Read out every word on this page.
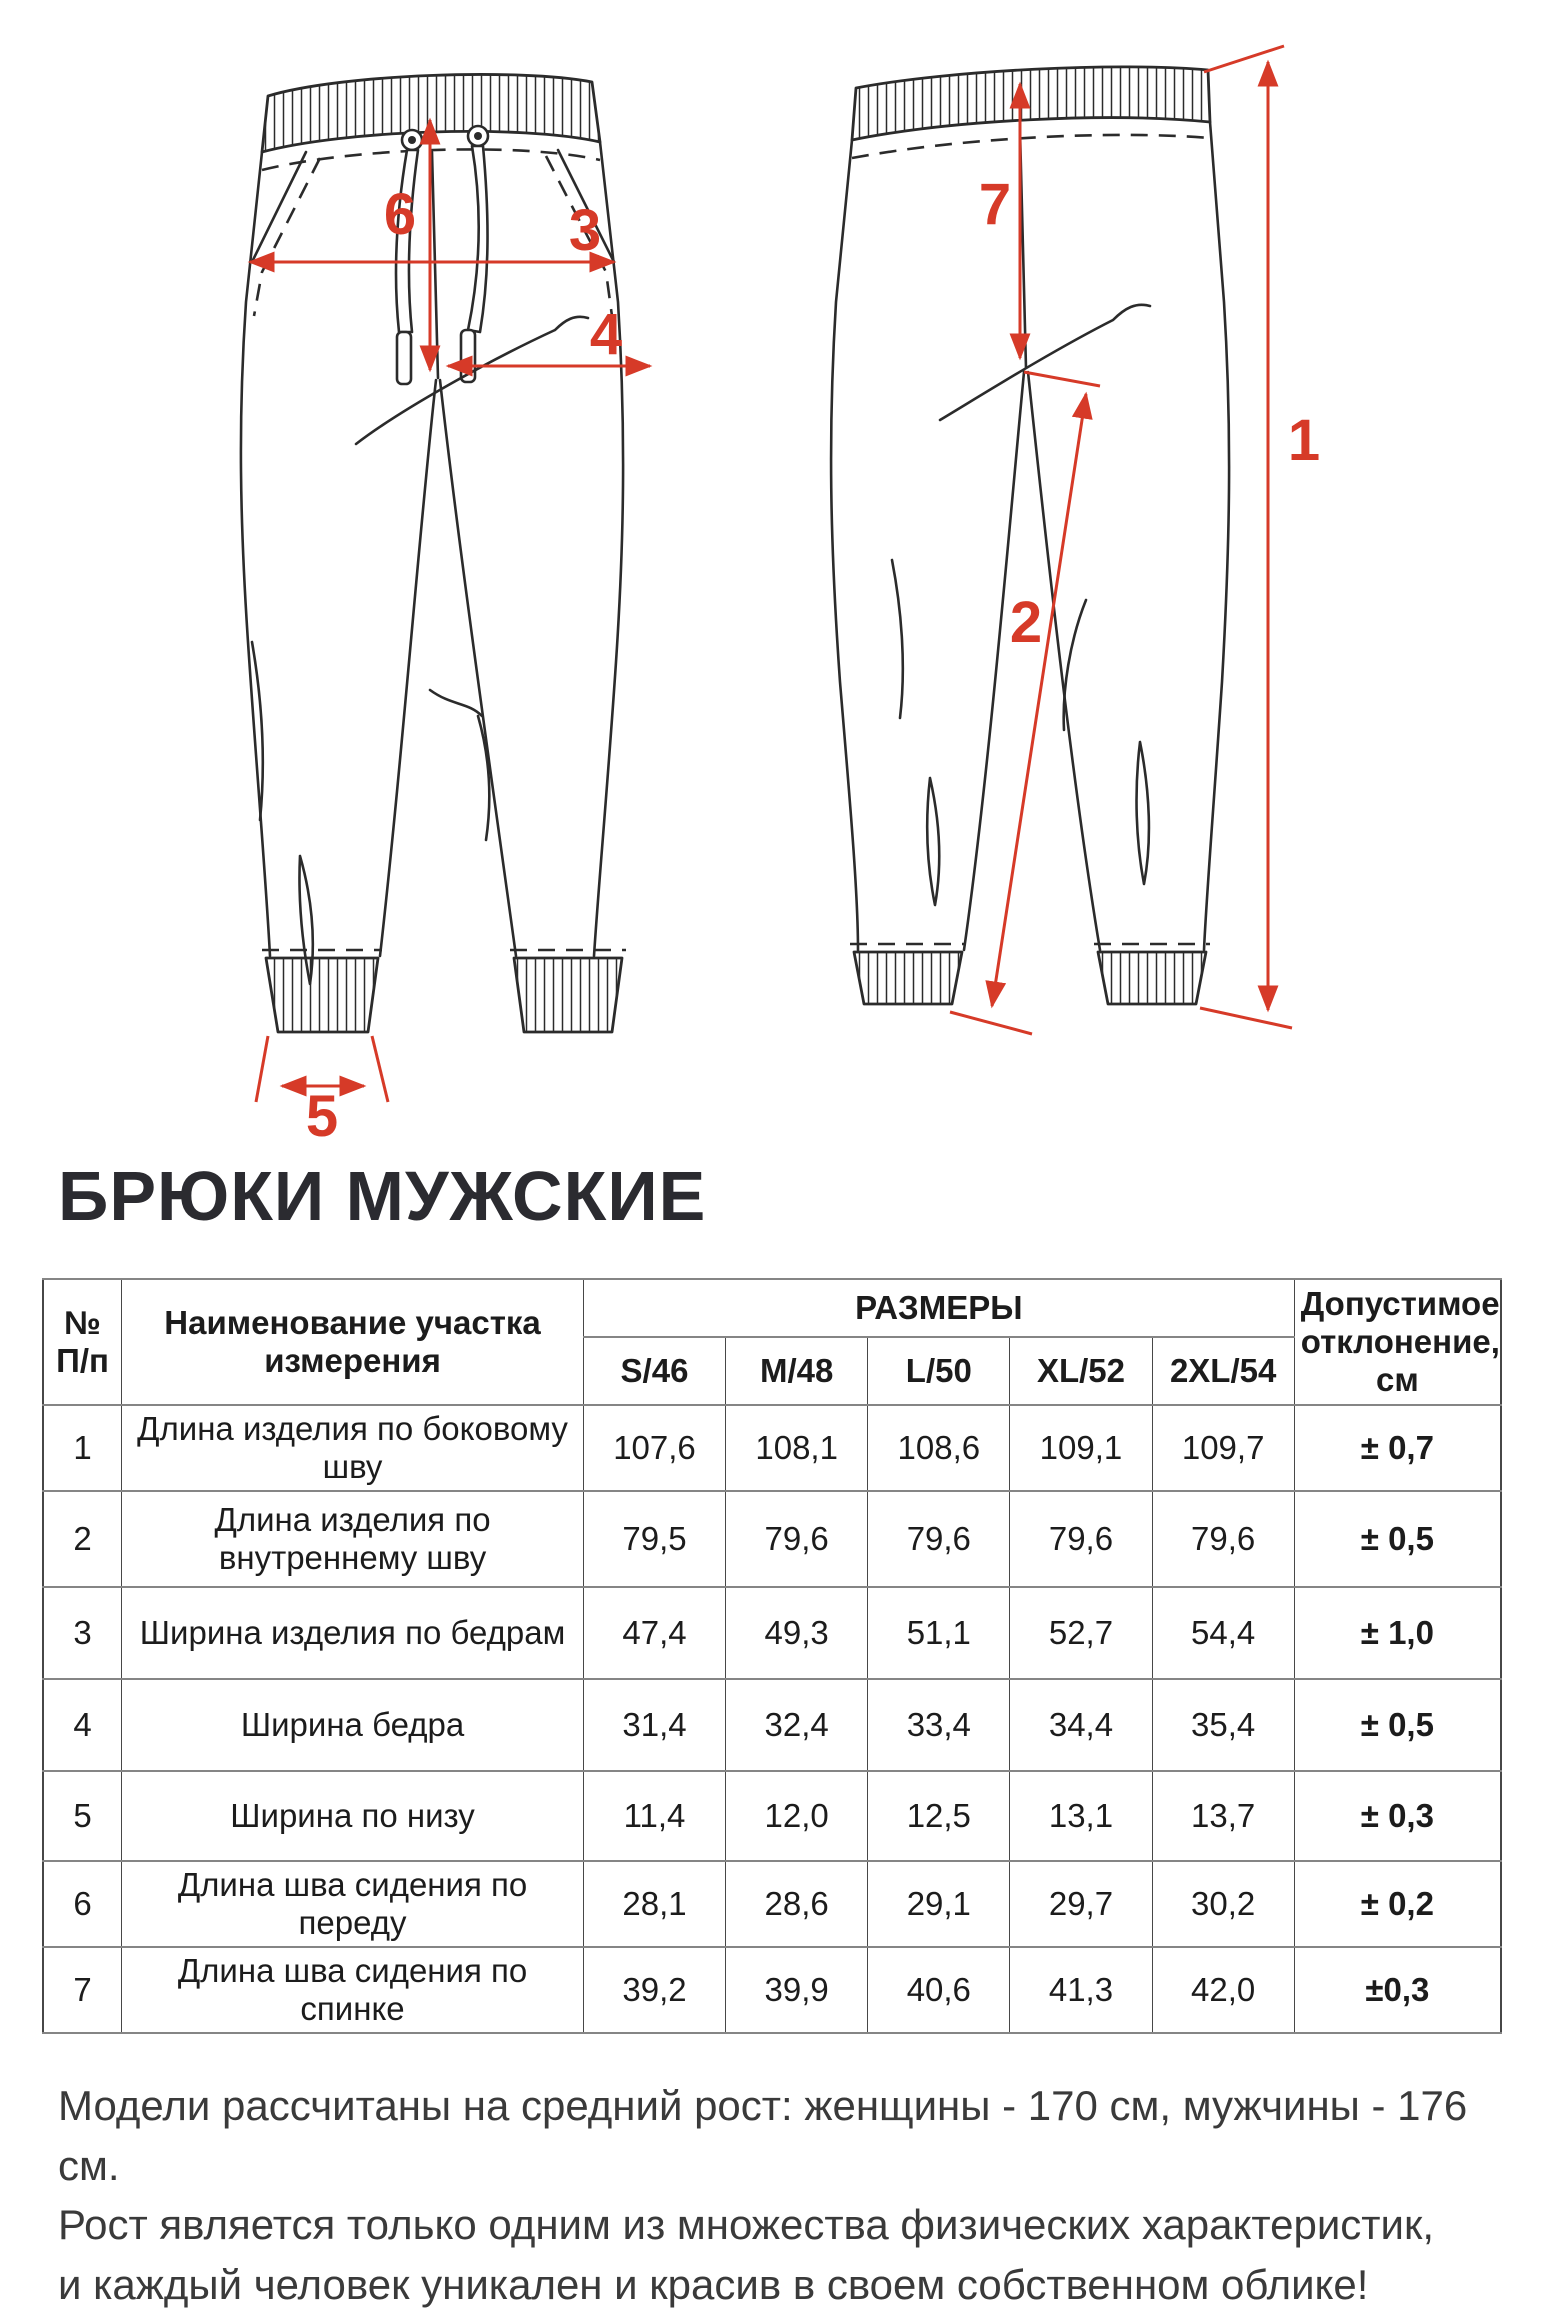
6	3
4
5
7
2
1
БРЮКИ МУЖСКИЕ
№
П/п	Наименование участка измерения	РАЗМЕРЫ					Допустимое отклонение, см
		S/46	M/48	L/50	XL/52	2XL/54	
1	Длина изделия по боковому шву	107,6	108,1	108,6	109,1	109,7	± 0,7
2	Длина изделия по внутреннему шву	79,5	79,6	79,6	79,6	79,6	± 0,5
3	Ширина изделия по бедрам	47,4	49,3	51,1	52,7	54,4	± 1,0
4	Ширина бедра	31,4	32,4	33,4	34,4	35,4	± 0,5
5	Ширина по низу	11,4	12,0	12,5	13,1	13,7	± 0,3
6	Длина шва сидения по переду	28,1	28,6	29,1	29,7	30,2	± 0,2
7	Длина шва сидения по спинке	39,2	39,9	40,6	41,3	42,0	±0,3
Модели рассчитаны на средний рост: женщины - 170 см, мужчины - 176 см.
Рост является только одним из множества физических характеристик,
и каждый человек уникален и красив в своем собственном облике!
